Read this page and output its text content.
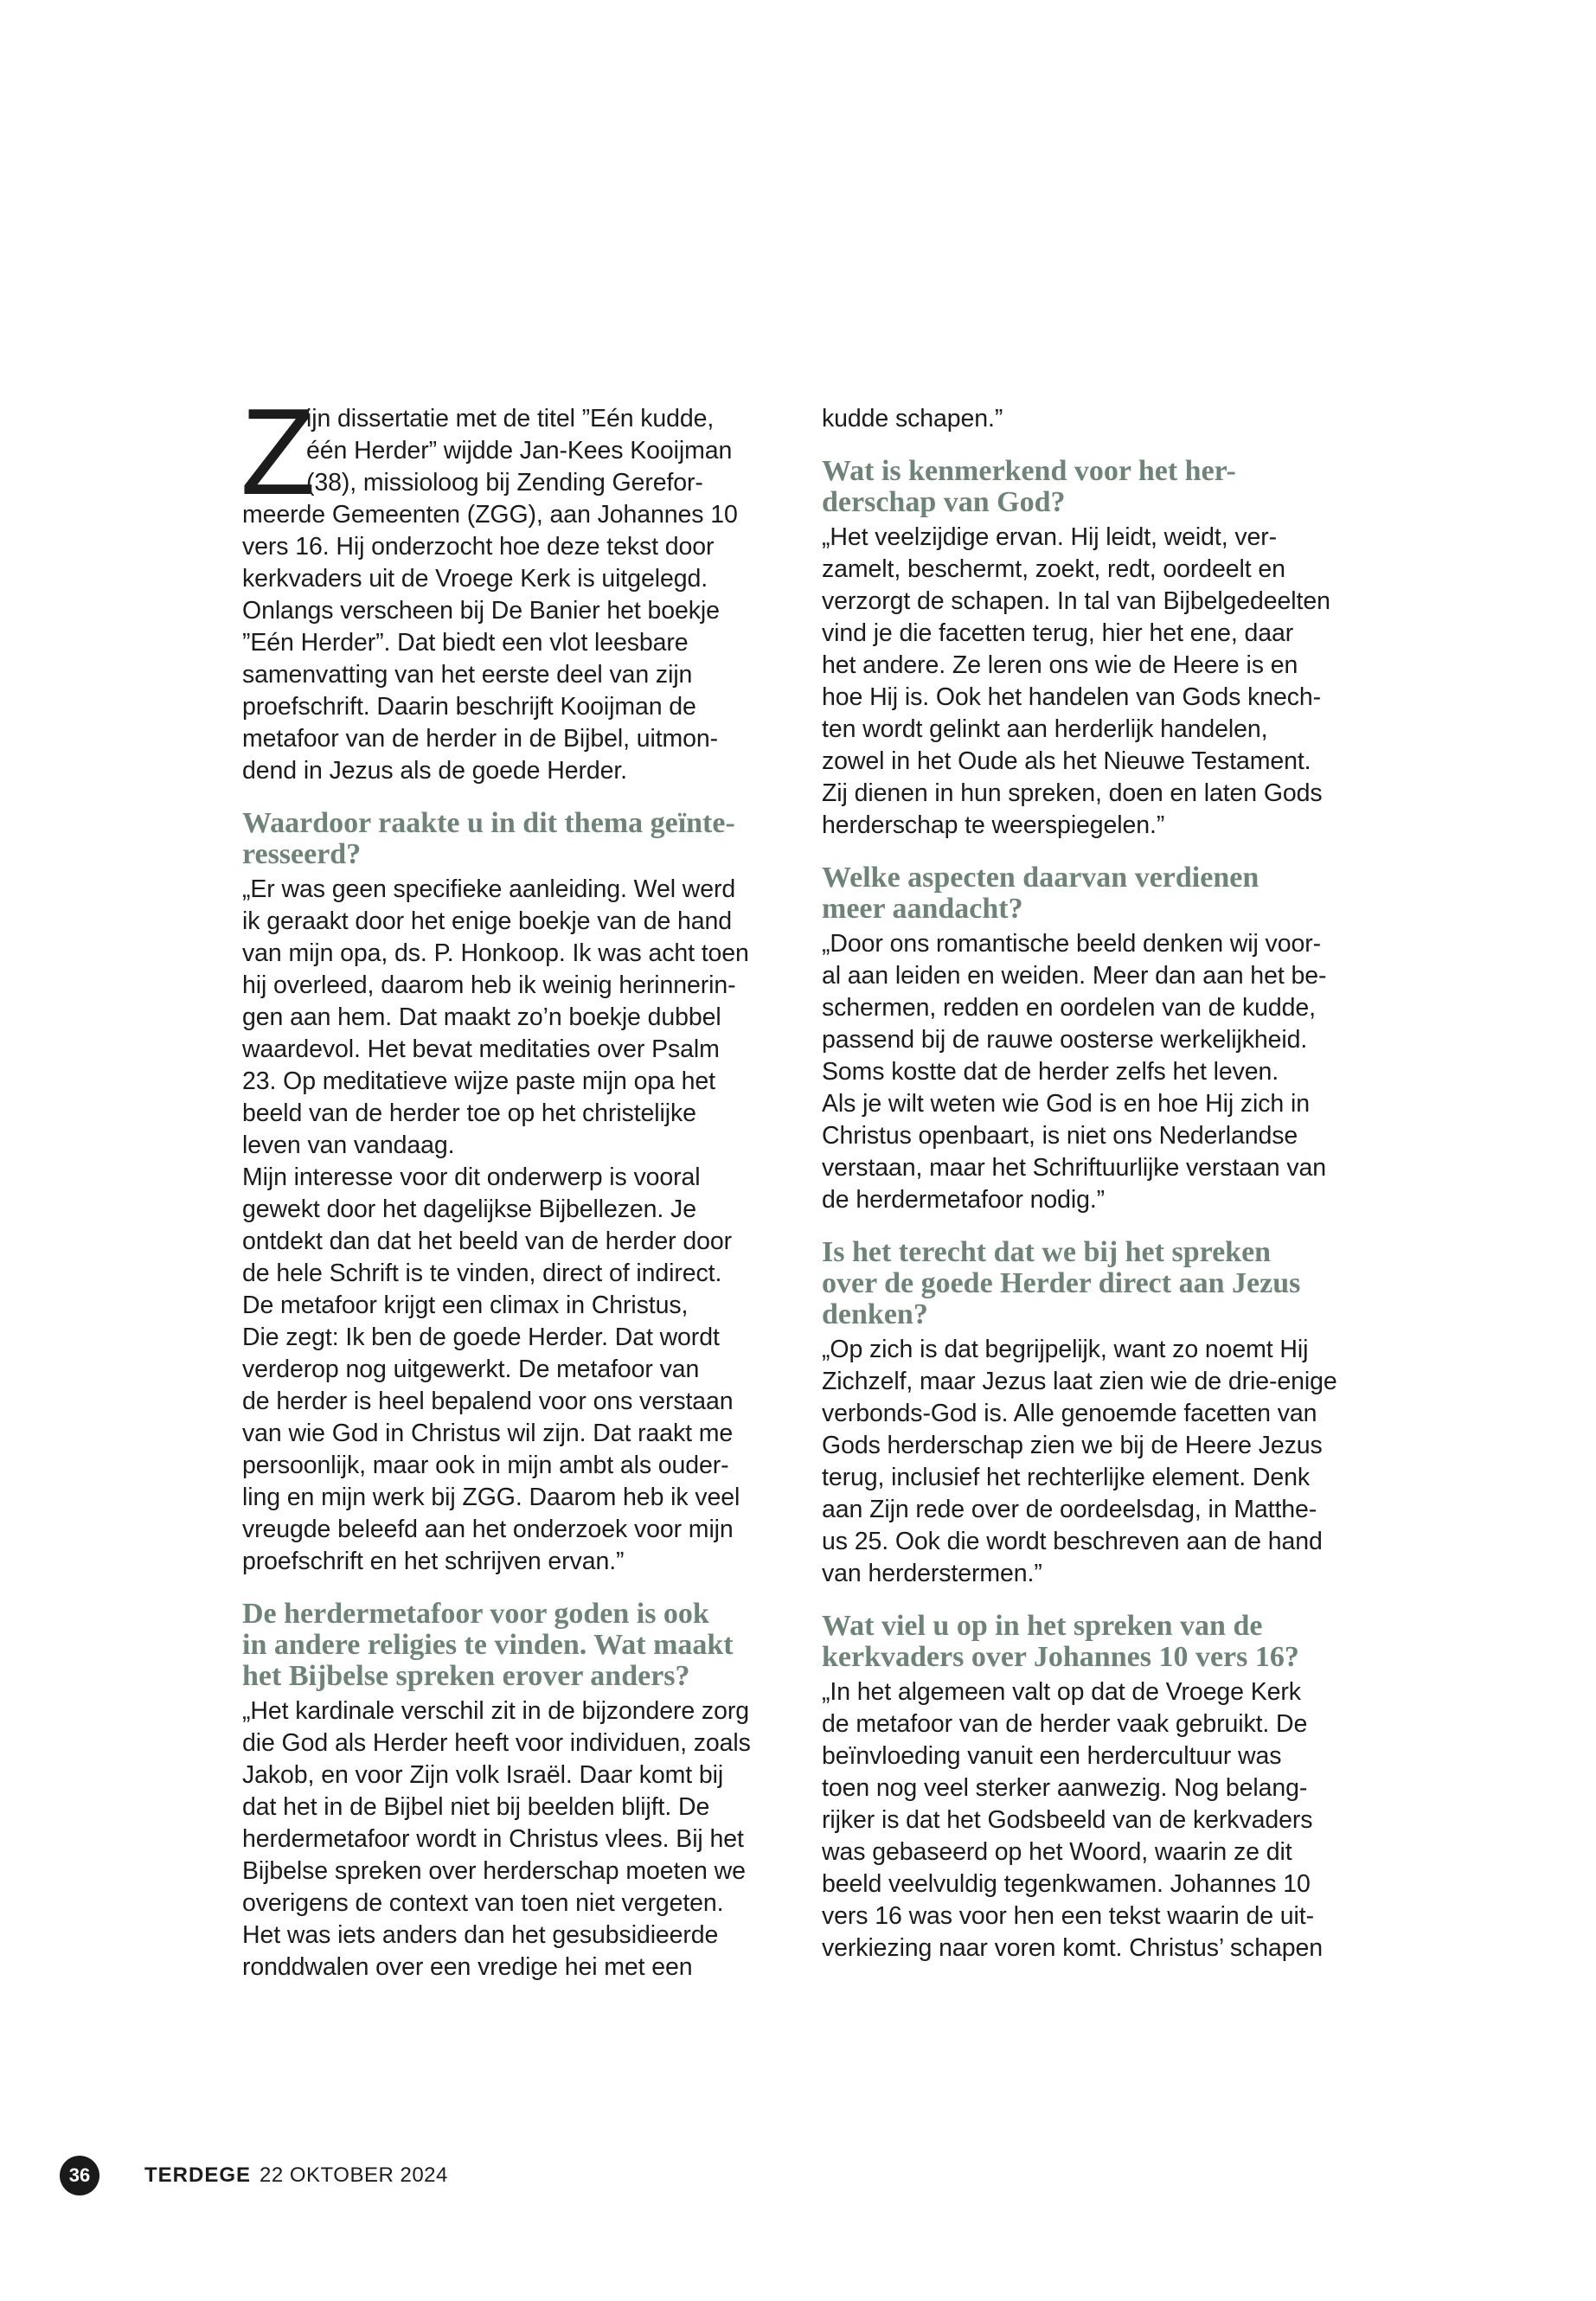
Z
ijn dissertatie met de titel ”Eén kudde,
één Herder” wijdde Jan-Kees Kooijman
(38), missioloog bij Zending Gerefor-
meerde Gemeenten (ZGG), aan Johannes 10
vers 16. Hij onderzocht hoe deze tekst door
kerkvaders uit de Vroege Kerk is uitgelegd.
Onlangs verscheen bij De Banier het boekje
”Eén Herder”. Dat biedt een vlot leesbare
samenvatting van het eerste deel van zijn
proefschrift. Daarin beschrijft Kooijman de
metafoor van de herder in de Bijbel, uitmon-
dend in Jezus als de goede Herder.
Waardoor raakte u in dit thema geïnte-
resseerd?
„Er was geen specifieke aanleiding. Wel werd
ik geraakt door het enige boekje van de hand
van mijn opa, ds. P. Honkoop. Ik was acht toen
hij overleed, daarom heb ik weinig herinnerin-
gen aan hem. Dat maakt zo’n boekje dubbel
waardevol. Het bevat meditaties over Psalm
23. Op meditatieve wijze paste mijn opa het
beeld van de herder toe op het christelijke
leven van vandaag.
Mijn interesse voor dit onderwerp is vooral
gewekt door het dagelijkse Bijbellezen. Je
ontdekt dan dat het beeld van de herder door
de hele Schrift is te vinden, direct of indirect.
De metafoor krijgt een climax in Christus,
Die zegt: Ik ben de goede Herder. Dat wordt
verderop nog uitgewerkt. De metafoor van
de herder is heel bepalend voor ons verstaan
van wie God in Christus wil zijn. Dat raakt me
persoonlijk, maar ook in mijn ambt als ouder-
ling en mijn werk bij ZGG. Daarom heb ik veel
vreugde beleefd aan het onderzoek voor mijn
proefschrift en het schrijven ervan.”
De herdermetafoor voor goden is ook
in andere religies te vinden. Wat maakt
het Bijbelse spreken erover anders?
„Het kardinale verschil zit in de bijzondere zorg
die God als Herder heeft voor individuen, zoals
Jakob, en voor Zijn volk Israël. Daar komt bij
dat het in de Bijbel niet bij beelden blijft. De
herdermetafoor wordt in Christus vlees. Bij het
Bijbelse spreken over herderschap moeten we
overigens de context van toen niet vergeten.
Het was iets anders dan het gesubsidieerde
ronddwalen over een vredige hei met een
kudde schapen.”
Wat is kenmerkend voor het her-
derschap van God?
„Het veelzijdige ervan. Hij leidt, weidt, ver-
zamelt, beschermt, zoekt, redt, oordeelt en
verzorgt de schapen. In tal van Bijbelgedeelten
vind je die facetten terug, hier het ene, daar
het andere. Ze leren ons wie de Heere is en
hoe Hij is. Ook het handelen van Gods knech-
ten wordt gelinkt aan herderlijk handelen,
zowel in het Oude als het Nieuwe Testament.
Zij dienen in hun spreken, doen en laten Gods
herderschap te weerspiegelen.”
Welke aspecten daarvan verdienen
meer aandacht?
„Door ons romantische beeld denken wij voor-
al aan leiden en weiden. Meer dan aan het be-
schermen, redden en oordelen van de kudde,
passend bij de rauwe oosterse werkelijkheid.
Soms kostte dat de herder zelfs het leven.
Als je wilt weten wie God is en hoe Hij zich in
Christus openbaart, is niet ons Nederlandse
verstaan, maar het Schriftuurlijke verstaan van
de herdermetafoor nodig.”
Is het terecht dat we bij het spreken
over de goede Herder direct aan Jezus
denken?
„Op zich is dat begrijpelijk, want zo noemt Hij
Zichzelf, maar Jezus laat zien wie de drie-enige
verbonds-God is. Alle genoemde facetten van
Gods herderschap zien we bij de Heere Jezus
terug, inclusief het rechterlijke element. Denk
aan Zijn rede over de oordeelsdag, in Matthe-
us 25. Ook die wordt beschreven aan de hand
van herderstermen.”
Wat viel u op in het spreken van de
kerkvaders over Johannes 10 vers 16?
„In het algemeen valt op dat de Vroege Kerk
de metafoor van de herder vaak gebruikt. De
beïnvloeding vanuit een herdercultuur was
toen nog veel sterker aanwezig. Nog belang-
rijker is dat het Godsbeeld van de kerkvaders
was gebaseerd op het Woord, waarin ze dit
beeld veelvuldig tegenkwamen. Johannes 10
vers 16 was voor hen een tekst waarin de uit-
verkiezing naar voren komt. Christus’ schapen
36	TERDEGE 22 OKTOBER 2024
